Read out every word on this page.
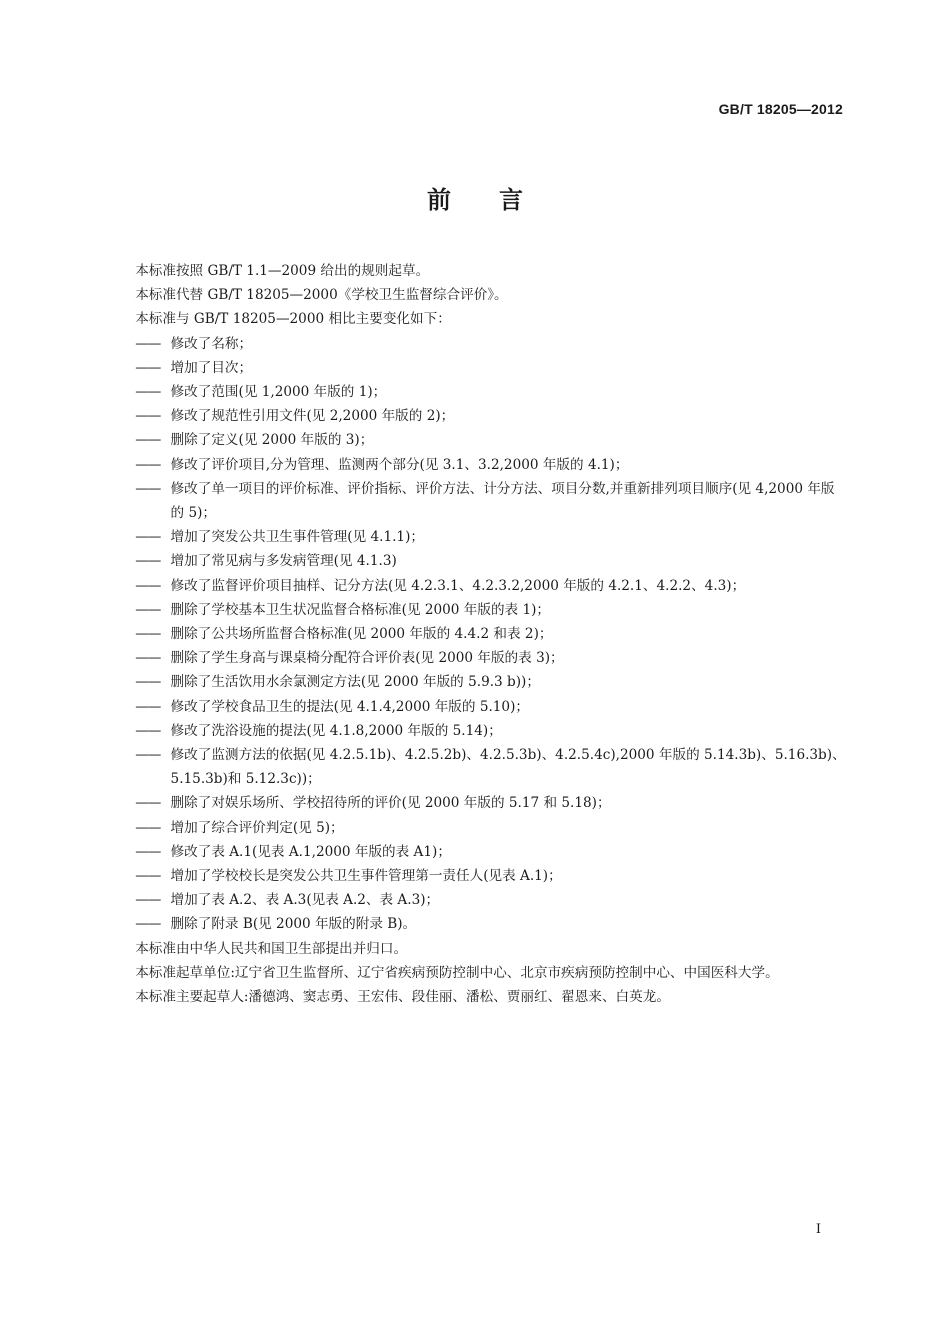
GB/T 18205—2012
前言

本标准按照 GB/T 1.1—2009 给出的规则起草。

本标准代替 GB/T 18205—2000《学校卫生监督综合评价》。

本标准与 GB/T 18205—2000 相比主要变化如下：

—— 修改了名称；

—— 增加了目次；

—— 修改了范围(见 1,2000 年版的 1)；

—— 修改了规范性引用文件(见 2,2000 年版的 2)；

—— 删除了定义(见 2000 年版的 3)；

—— 修改了评价项目,分为管理、监测两个部分(见 3.1、3.2,2000 年版的 4.1)；

—— 修改了单一项目的评价标准、评价指标、评价方法、计分方法、项目分数,并重新排列项目顺序(见 4,2000 年版的 5)；

—— 增加了突发公共卫生事件管理(见 4.1.1)；

—— 增加了常见病与多发病管理(见 4.1.3)

—— 修改了监督评价项目抽样、记分方法(见 4.2.3.1、4.2.3.2,2000 年版的 4.2.1、4.2.2、4.3)；

—— 删除了学校基本卫生状况监督合格标准(见 2000 年版的表 1)；

—— 删除了公共场所监督合格标准(见 2000 年版的 4.4.2 和表 2)；

—— 删除了学生身高与课桌椅分配符合评价表(见 2000 年版的表 3)；

—— 删除了生活饮用水余氯测定方法(见 2000 年版的 5.9.3 b))；

—— 修改了学校食品卫生的提法(见 4.1.4,2000 年版的 5.10)；

—— 修改了洗浴设施的提法(见 4.1.8,2000 年版的 5.14)；

—— 修改了监测方法的依据(见 4.2.5.1b)、4.2.5.2b)、4.2.5.3b)、4.2.5.4c),2000 年版的 5.14.3b)、5.16.3b)、5.15.3b)和 5.12.3c))；

—— 删除了对娱乐场所、学校招待所的评价(见 2000 年版的 5.17 和 5.18)；

—— 增加了综合评价判定(见 5)；

—— 修改了表 A.1(见表 A.1,2000 年版的表 A1)；

—— 增加了学校校长是突发公共卫生事件管理第一责任人(见表 A.1)；

—— 增加了表 A.2、表 A.3(见表 A.2、表 A.3)；

—— 删除了附录 B(见 2000 年版的附录 B)。

本标准由中华人民共和国卫生部提出并归口。

本标准起草单位:辽宁省卫生监督所、辽宁省疾病预防控制中心、北京市疾病预防控制中心、中国医科大学。

本标准主要起草人:潘德鸿、窦志勇、王宏伟、段佳丽、潘松、贾丽红、翟恩来、白英龙。

I
